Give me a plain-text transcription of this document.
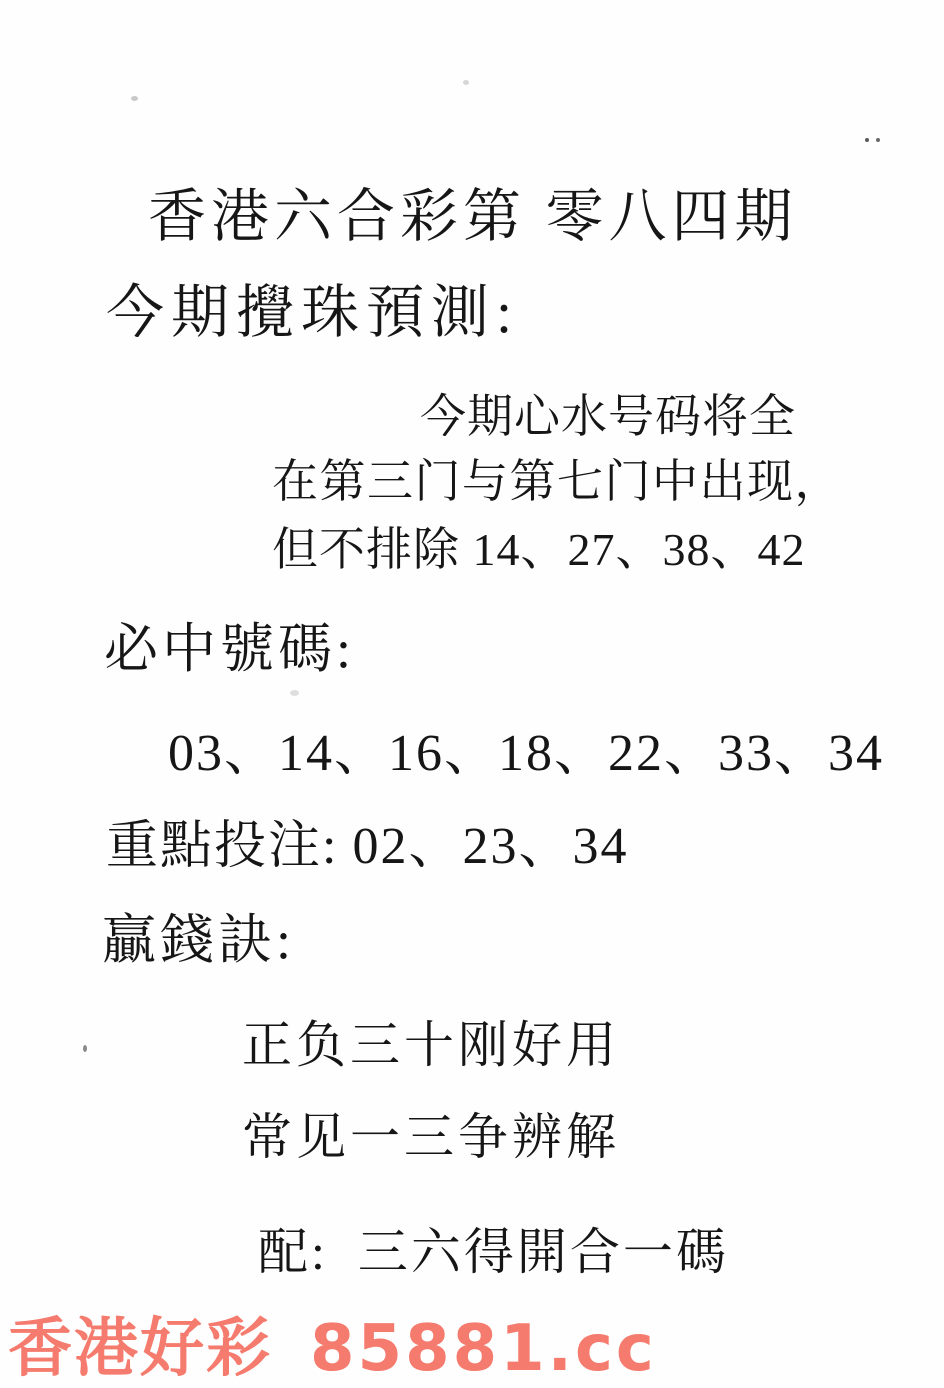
香港六合彩第 零八四期
今期攪珠預測:
今期心水号码将全
在第三门与第七门中出现，
但不排除 14、27、38、42
必中號碼:
03、14、16、18、22、33、34
重點投注: 02、23、34
贏錢訣:
正负三十刚好用
常见一三争辨解
配: 三六得開合一碼
香港好彩 85881.cc
